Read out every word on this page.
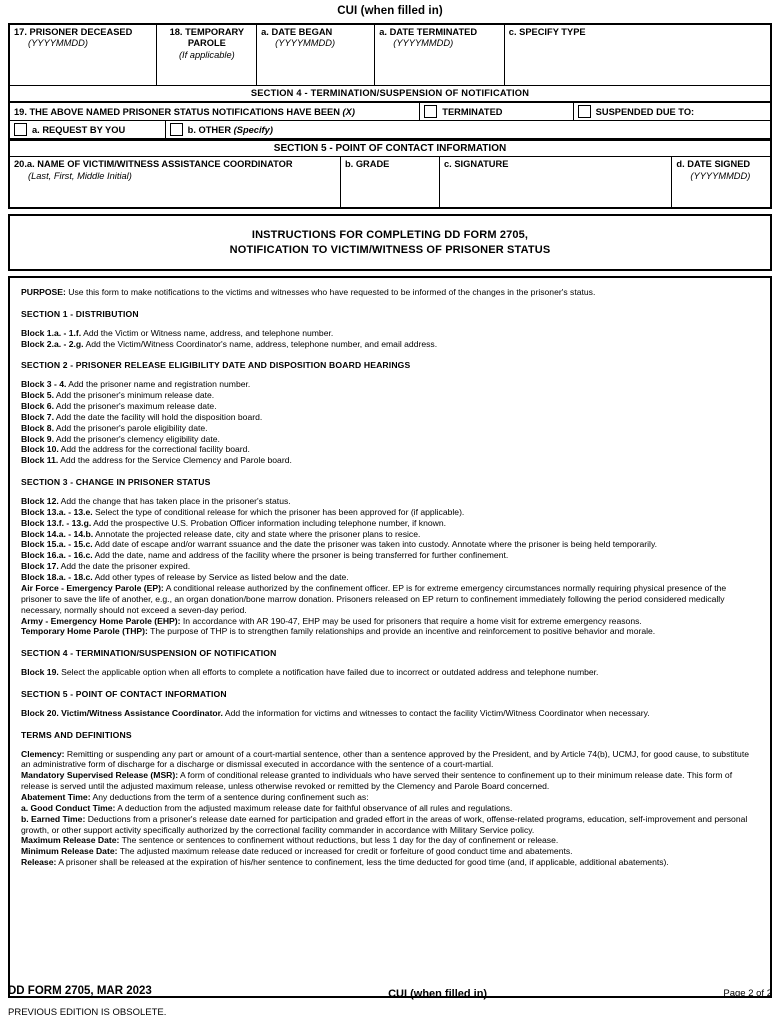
CUI (when filled in)
17. PRISONER DECEASED
(YYYYMMDD)
	18. TEMPORARY
PAROLE
(If applicable)
	a. DATE BEGAN
(YYYYMMDD)
	a. DATE TERMINATED
(YYYYMMDD)
	c. SPECIFY TYPE
SECTION 4 - TERMINATION/SUSPENSION OF NOTIFICATION
19. THE ABOVE NAMED PRISONER STATUS NOTIFICATIONS HAVE BEEN
(X)	TERMINATED	SUSPENDED DUE TO:
a. REQUEST BY YOU	b. OTHER
(Specify)
SECTION 5 - POINT OF CONTACT INFORMATION
20.a. NAME OF VICTIM/WITNESS ASSISTANCE COORDINATOR
(Last, First, Middle Initial)
	b. GRADE	c. SIGNATURE	d. DATE SIGNED
(YYYYMMDD)
INSTRUCTIONS FOR COMPLETING DD FORM 2705,
NOTIFICATION TO VICTIM/WITNESS OF PRISONER STATUS

PURPOSE: Use this form to make notifications to the victims and witnesses who have requested to be informed of the changes in the prisoner's status.

SECTION 1 - DISTRIBUTION

Block 1.a. - 1.f. Add the Victim or Witness name, address, and telephone number.

Block 2.a. - 2.g. Add the Victim/Witness Coordinator's name, address, telephone number, and email address.

SECTION 2 - PRISONER RELEASE ELIGIBILITY DATE AND DISPOSITION BOARD HEARINGS

Block 3 - 4. Add the prisoner name and registration number.

Block 5. Add the prisoner's minimum release date.

Block 6. Add the prisoner's maximum release date.

Block 7. Add the date the facility will hold the disposition board.

Block 8. Add the prisoner's parole eligibility date.

Block 9. Add the prisoner's clemency eligibility date.

Block 10. Add the address for the correctional facility board.

Block 11. Add the address for the Service Clemency and Parole board.

SECTION 3 - CHANGE IN PRISONER STATUS

Block 12. Add the change that has taken place in the prisoner's status.

Block 13.a. - 13.e. Select the type of conditional release for which the prisoner has been approved for (if applicable).

Block 13.f. - 13.g. Add the prospective U.S. Probation Officer information including telephone number, if known.

Block 14.a. - 14.b. Annotate the projected release date, city and state where the prisoner plans to resice.

Block 15.a. - 15.c. Add date of escape and/or warrant ssuance and the date the prisoner was taken into custody. Annotate where the prisoner is being held temporarily.

Block 16.a. - 16.c. Add the date, name and address of the facility where the prsoner is being transferred for further confinement.

Block 17. Add the date the prisoner expired.

Block 18.a. - 18.c. Add other types of release by Service as listed below and the date.

Air Force - Emergency Parole (EP): A conditional release authorized by the confinement officer. EP is for extreme emergency circumstances normally requiring physical presence of the prisoner to save the life of another, e.g., an organ donation/bone marrow donation. Prisoners released on EP return to confinement immediately following the period considered medically necessary, normally should not exceed a seven-day period.

Army - Emergency Home Parole (EHP): In accordance with AR 190-47, EHP may be used for prisoners that require a home visit for extreme emergency reasons.

Temporary Home Parole (THP): The purpose of THP is to strengthen family relationships and provide an incentive and reinforcement to positive behavior and morale.

SECTION 4 - TERMINATION/SUSPENSION OF NOTIFICATION

Block 19. Select the applicable option when all efforts to complete a notification have failed due to incorrect or outdated address and telephone number.

SECTION 5 - POINT OF CONTACT INFORMATION

Block 20. Victim/Witness Assistance Coordinator. Add the information for victims and witnesses to contact the facility Victim/Witness Coordinator when necessary.

TERMS AND DEFINITIONS

Clemency: Remitting or suspending any part or amount of a court-martial sentence, other than a sentence approved by the President, and by Article 74(b), UCMJ, for good cause, to substitute an administrative form of discharge for a discharge or dismissal executed in accordance with the sentence of a court-martial.

Mandatory Supervised Release (MSR): A form of conditional release granted to individuals who have served their sentence to confinement up to their minimum release date. This form of release is served until the adjusted maximum release, unless otherwise revoked or remitted by the Clemency and Parole Board concerned.

Abatement Time: Any deductions from the term of a sentence during confinement such as:

a. Good Conduct Time: A deduction from the adjusted maximum release date for faithful observance of all rules and regulations.

b. Earned Time: Deductions from a prisoner's release date earned for participation and graded effort in the areas of work, offense-related programs, education, self-improvement and personal growth, or other support activity specifically authorized by the correctional facility commander in accordance with Military Service policy.

Maximum Release Date: The sentence or sentences to confinement without reductions, but less 1 day for the day of confinement or release.

Minimum Release Date: The adjusted maximum release date reduced or increased for credit or forfeiture of good conduct time and abatements.

Release: A prisoner shall be released at the expiration of his/her sentence to confinement, less the time deducted for good time (and, if applicable, additional abatements).

DD FORM 2705, MAR 2023	CUI (when filled in)	Page 2 of 2
PREVIOUS EDITION IS OBSOLETE.
